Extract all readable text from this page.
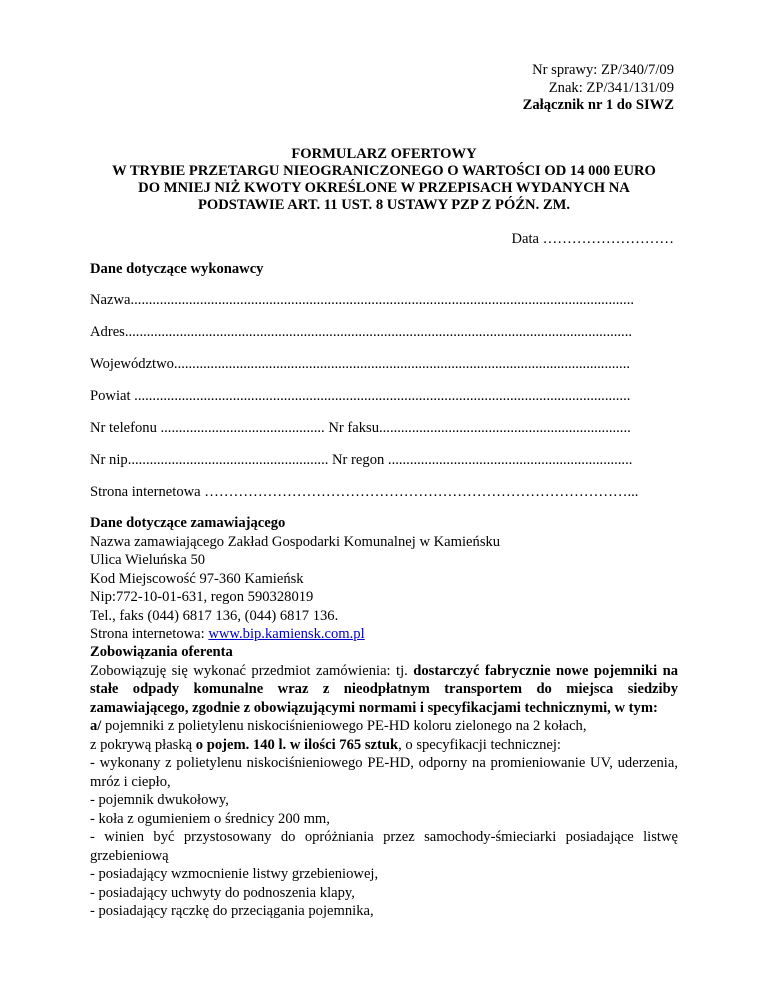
Nr sprawy: ZP/340/7/09
Znak: ZP/341/131/09
Załącznik nr 1 do SIWZ
FORMULARZ OFERTOWY
W TRYBIE PRZETARGU NIEOGRANICZONEGO O WARTOŚCI OD 14 000 EURO
DO MNIEJ NIŻ KWOTY OKREŚLONE W PRZEPISACH WYDANYCH NA
PODSTAWIE ART. 11 UST. 8 USTAWY PZP Z PÓŹN. ZM.
Data ………………………
Dane dotyczące wykonawcy
Nazwa..........................................................................................................................................
Adres...........................................................................................................................................
Województwo.............................................................................................................................
Powiat ........................................................................................................................................
Nr telefonu ............................................. Nr faksu.....................................................................
Nr nip....................................................... Nr regon ...................................................................
Strona internetowa ……………………………………………………………………………...
Dane dotyczące zamawiającego
Nazwa zamawiającego Zakład Gospodarki Komunalnej w Kamieńsku
Ulica Wieluńska 50
Kod Miejscowość 97-360 Kamieńsk
Nip:772-10-01-631, regon 590328019
Tel., faks (044) 6817 136, (044) 6817 136.
Strona internetowa: www.bip.kamiensk.com.pl
Zobowiązania oferenta
Zobowiązuję się wykonać przedmiot zamówienia: tj. dostarczyć fabrycznie nowe pojemniki na stałe odpady komunalne wraz z nieodpłatnym transportem do miejsca siedziby zamawiającego, zgodnie z obowiązującymi normami i specyfikacjami technicznymi, w tym:
a/ pojemniki z polietylenu niskociśnieniowego PE-HD koloru zielonego na 2 kołach,
z pokrywą płaską o pojem. 140 l. w ilości 765 sztuk, o specyfikacji technicznej:
- wykonany z polietylenu niskociśnieniowego PE-HD, odporny na promieniowanie UV, uderzenia, mróz i ciepło,
- pojemnik dwukołowy,
- koła z ogumieniem o średnicy 200 mm,
- winien być przystosowany do opróżniania przez samochody-śmieciarki posiadające listwę grzebieniową
- posiadający wzmocnienie listwy grzebieniowej,
- posiadający uchwyty do podnoszenia klapy,
- posiadający rączkę do przeciągania pojemnika,
